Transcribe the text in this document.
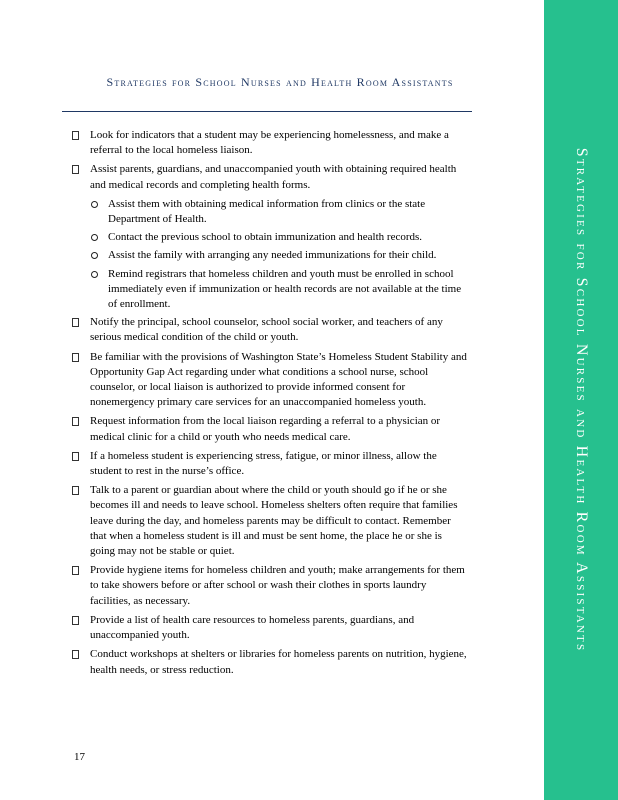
Strategies for School Nurses and Health Room Assistants
Look for indicators that a student may be experiencing homelessness, and make a referral to the local homeless liaison.
Assist parents, guardians, and unaccompanied youth with obtaining required health and medical records and completing health forms.
Assist them with obtaining medical information from clinics or the state Department of Health.
Contact the previous school to obtain immunization and health records.
Assist the family with arranging any needed immunizations for their child.
Remind registrars that homeless children and youth must be enrolled in school immediately even if immunization or health records are not available at the time of enrollment.
Notify the principal, school counselor, school social worker, and teachers of any serious medical condition of the child or youth.
Be familiar with the provisions of Washington State’s Homeless Student Stability and Opportunity Gap Act regarding under what conditions a school nurse, school counselor, or local liaison is authorized to provide informed consent for nonemergency primary care services for an unaccompanied homeless youth.
Request information from the local liaison regarding a referral to a physician or medical clinic for a child or youth who needs medical care.
If a homeless student is experiencing stress, fatigue, or minor illness, allow the student to rest in the nurse’s office.
Talk to a parent or guardian about where the child or youth should go if he or she becomes ill and needs to leave school. Homeless shelters often require that families leave during the day, and homeless parents may be difficult to contact. Remember that when a homeless student is ill and must be sent home, the place he or she is going may not be stable or quiet.
Provide hygiene items for homeless children and youth; make arrangements for them to take showers before or after school or wash their clothes in sports laundry facilities, as necessary.
Provide a list of health care resources to homeless parents, guardians, and unaccompanied youth.
Conduct workshops at shelters or libraries for homeless parents on nutrition, hygiene, health needs, or stress reduction.
17
Strategies for School Nurses and Health Room Assistants
